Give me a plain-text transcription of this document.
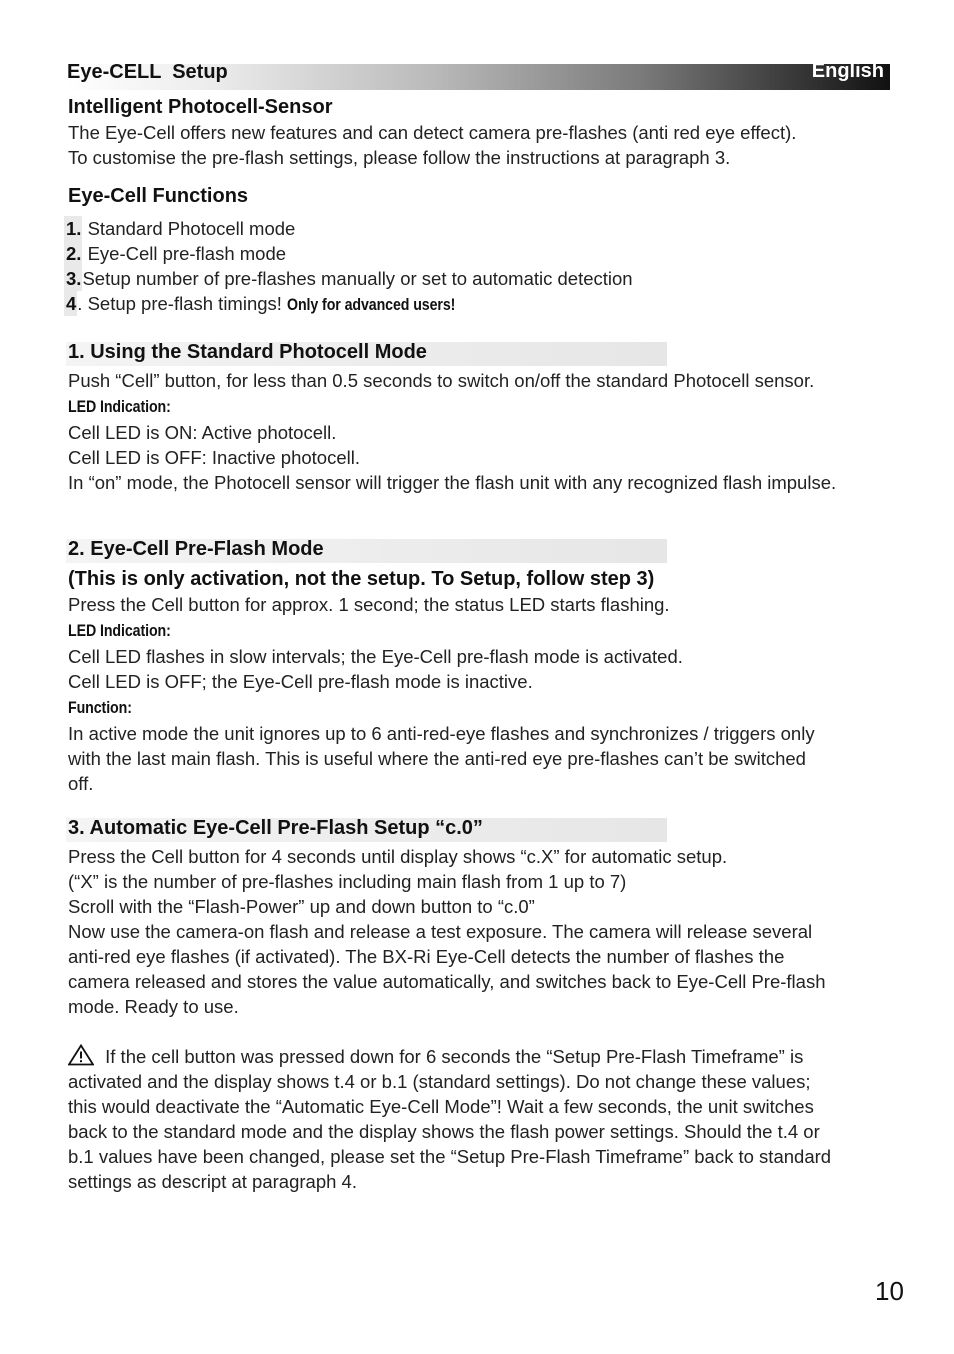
Eye-CELL  Setup	English
Intelligent Photocell-Sensor

The Eye-Cell offers new features and can detect camera pre-flashes (anti red eye effect).

To customise the pre-flash settings, please follow the instructions at paragraph 3.

Eye-Cell Functions
1. Standard Photocell mode
2. Eye-Cell pre-flash mode
3.Setup number of pre-flashes manually or set to automatic detection
4. Setup pre-flash timings! Only for advanced users!
1. Using the Standard Photocell Mode

Push “Cell” button, for less than 0.5 seconds to switch on/off the standard Photocell sensor.

LED Indication:

Cell LED is ON: Active photocell.

Cell LED is OFF: Inactive photocell.

In “on” mode, the Photocell sensor will trigger the flash unit with any recognized flash impulse.

2. Eye-Cell Pre-Flash Mode
(This is only activation, not the setup. To Setup, follow step 3)

Press the Cell button for approx. 1 second; the status LED starts flashing.

LED Indication:

Cell LED flashes in slow intervals; the Eye-Cell pre-flash mode is activated.

Cell LED is OFF; the Eye-Cell pre-flash mode is inactive.

Function:

In active mode the unit ignores up to 6 anti-red-eye flashes and synchronizes / triggers only

with the last main flash. This is useful where the anti-red eye pre-flashes can’t be switched

off.

3. Automatic Eye-Cell Pre-Flash Setup “c.0”

Press the Cell button for 4 seconds until display shows “c.X” for automatic setup.

(“X” is the number of pre-flashes including main flash from 1 up to 7)

Scroll with the “Flash-Power” up and down button to “c.0”

Now use the camera-on flash and release a test exposure. The camera will release several

anti-red eye flashes (if activated). The BX-Ri Eye-Cell detects the number of flashes the

camera released and stores the value automatically, and switches back to Eye-Cell Pre-flash

mode. Ready to use.

If the cell button was pressed down for 6 seconds the “Setup Pre-Flash Timeframe” is

activated and the display shows t.4 or b.1 (standard settings). Do not change these values;

this would deactivate the “Automatic Eye-Cell Mode”! Wait a few seconds, the unit switches

back to the standard mode and the display shows the flash power settings. Should the t.4 or

b.1 values have been changed, please set the “Setup Pre-Flash Timeframe” back to standard

settings as descript at paragraph 4.

10
